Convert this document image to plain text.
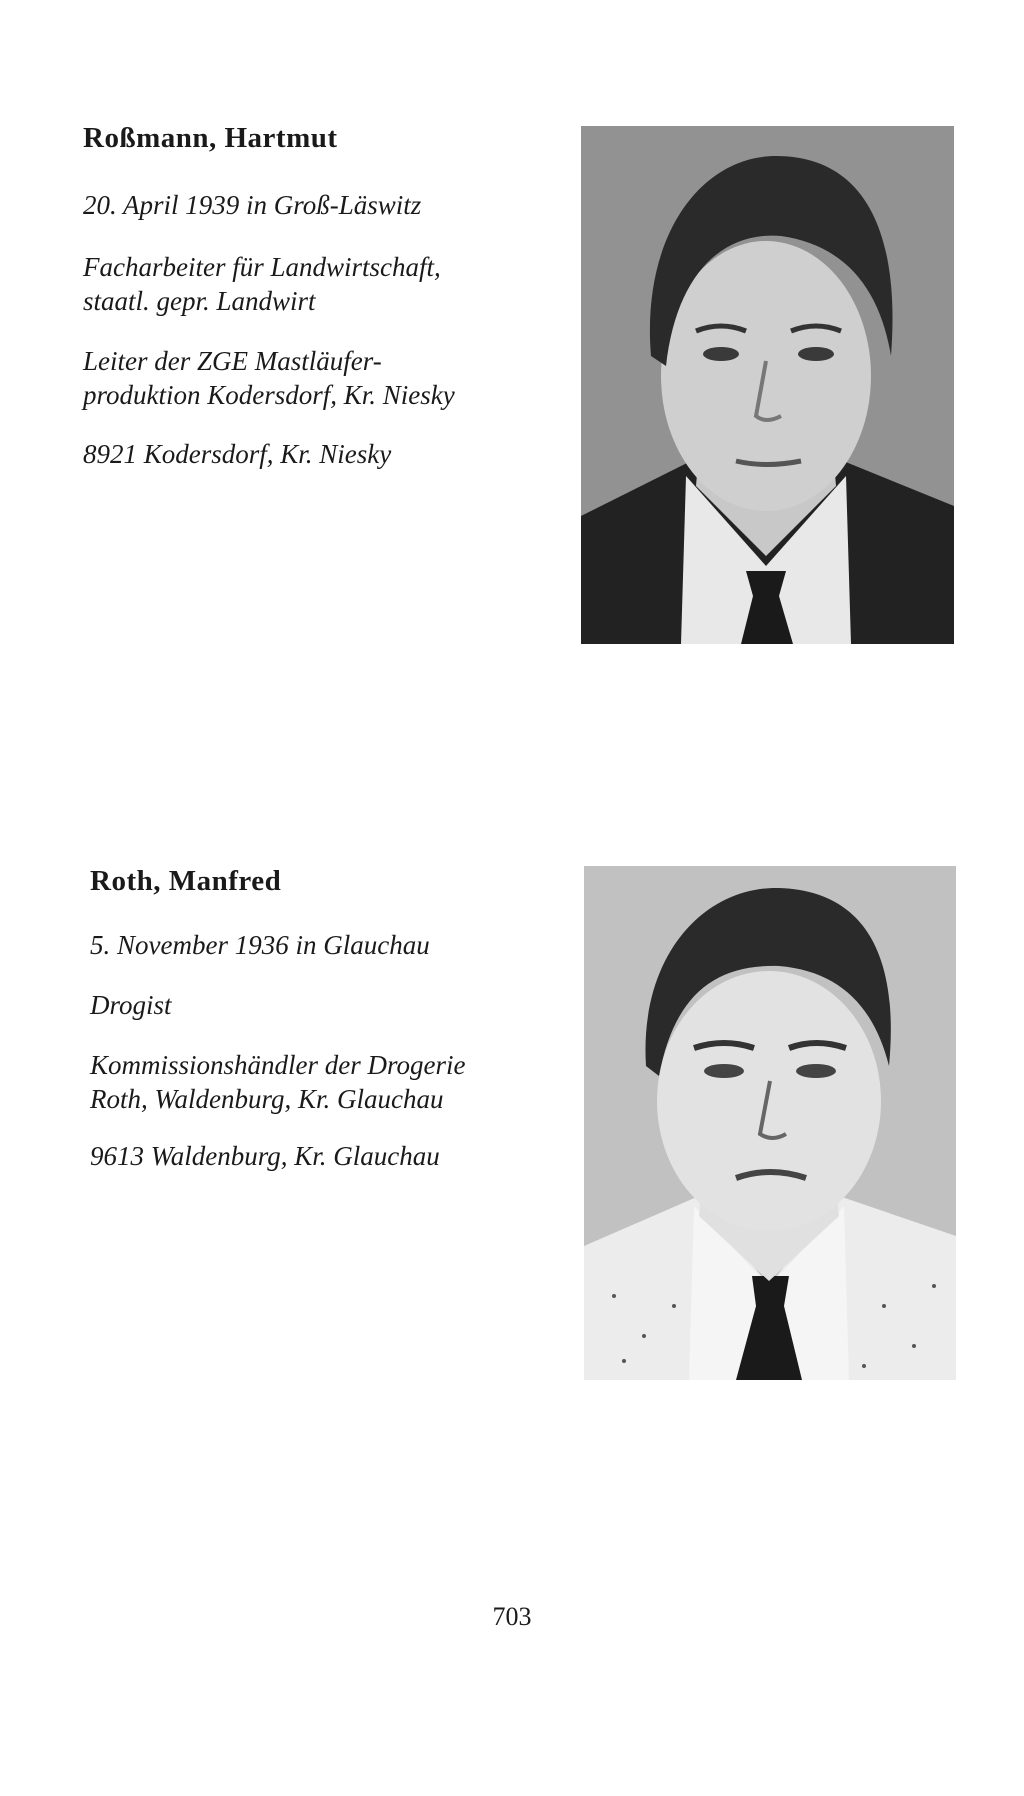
Roßmann, Hartmut

20. April 1939 in Groß-Läswitz

Facharbeiter für Landwirtschaft,

staatl. gepr. Landwirt

Leiter der ZGE Mastläufer-

produktion Kodersdorf, Kr. Niesky

8921 Kodersdorf, Kr. Niesky

Roth, Manfred

5. November 1936 in Glauchau

Drogist

Kommissionshändler der Drogerie

Roth, Waldenburg, Kr. Glauchau

9613 Waldenburg, Kr. Glauchau

703
